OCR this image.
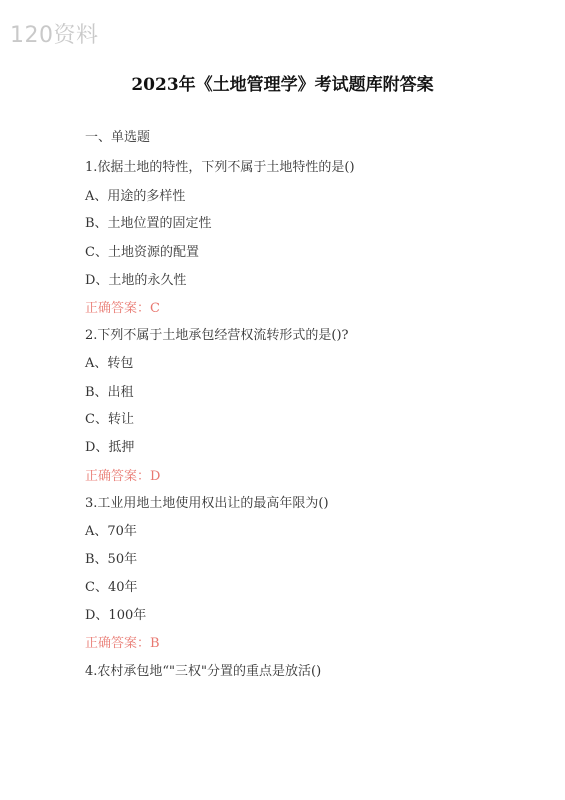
120资料
2023年《土地管理学》考试题库附答案
一、单选题
1.依据土地的特性，下列不属于土地特性的是()
A、用途的多样性
B、土地位置的固定性
C、土地资源的配置
D、土地的永久性
正确答案：C
2.下列不属于土地承包经营权流转形式的是()?
A、转包
B、出租
C、转让
D、抵押
正确答案：D
3.工业用地土地使用权出让的最高年限为()
A、70年
B、50年
C、40年
D、100年
正确答案：B
4.农村承包地“"三权"分置的重点是放活()
